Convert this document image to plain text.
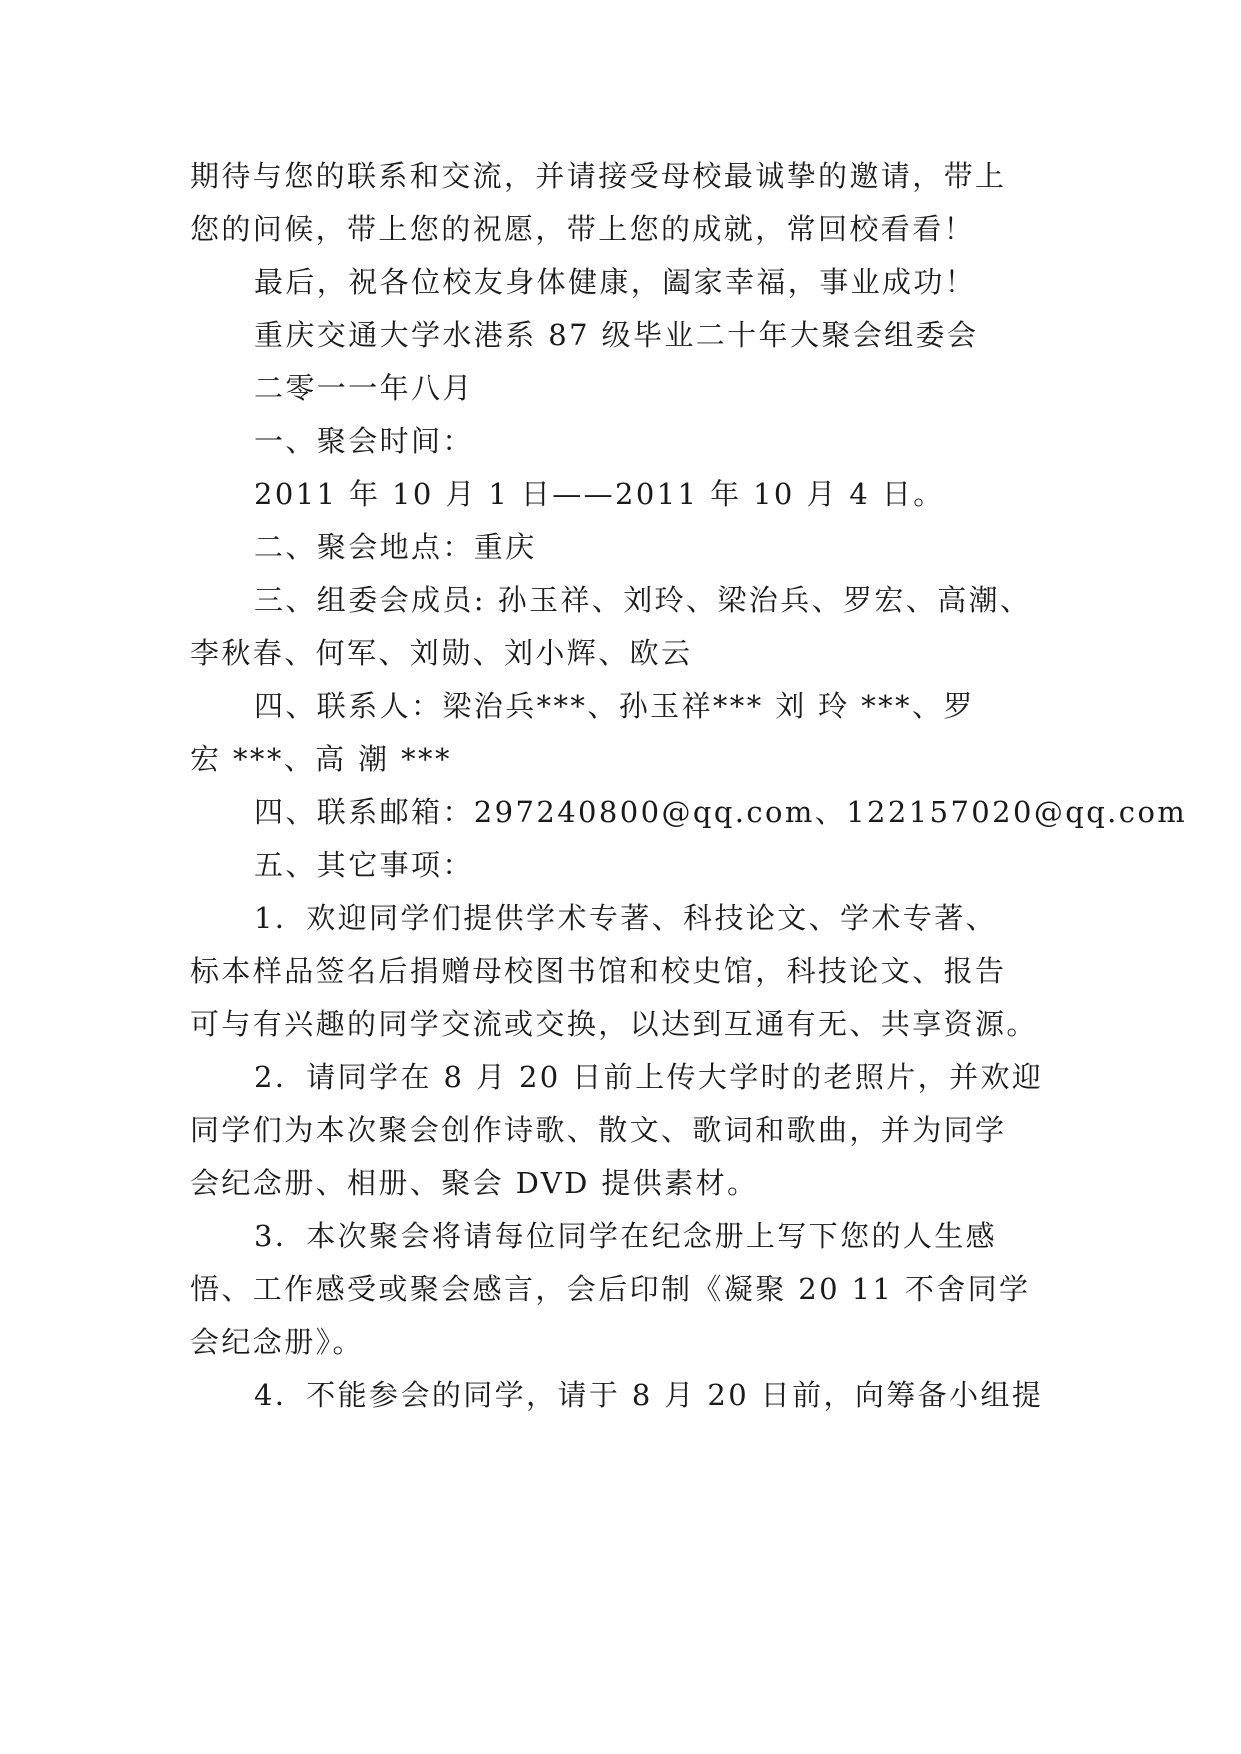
期待与您的联系和交流，并请接受母校最诚挚的邀请，带上
您的问候，带上您的祝愿，带上您的成就，常回校看看！
最后，祝各位校友身体健康，阖家幸福，事业成功！
重庆交通大学水港系 87 级毕业二十年大聚会组委会
二零一一年八月
一、聚会时间：
2011 年 10 月 1 日——2011 年 10 月 4 日。
二、聚会地点：重庆
三、组委会成员: 孙玉祥、刘玲、梁治兵、罗宏、高潮、
李秋春、何军、刘勋、刘小辉、欧云
四、联系人：梁治兵***、孙玉祥*** 刘 玲 ***、罗
宏 ***、高 潮 ***
四、联系邮箱：297240800@qq.com、122157020@qq.com
五、其它事项：
1．欢迎同学们提供学术专著、科技论文、学术专著、
标本样品签名后捐赠母校图书馆和校史馆，科技论文、报告
可与有兴趣的同学交流或交换，以达到互通有无、共享资源。
2．请同学在 8 月 20 日前上传大学时的老照片，并欢迎
同学们为本次聚会创作诗歌、散文、歌词和歌曲，并为同学
会纪念册、相册、聚会 DVD 提供素材。
3．本次聚会将请每位同学在纪念册上写下您的人生感
悟、工作感受或聚会感言，会后印制《凝聚 20 11 不舍同学
会纪念册》。
4．不能参会的同学，请于 8 月 20 日前，向筹备小组提
